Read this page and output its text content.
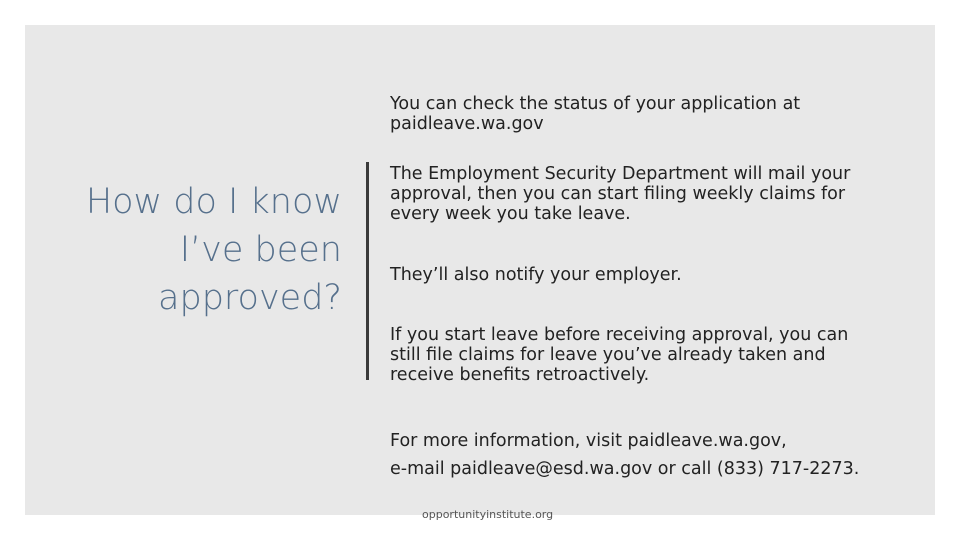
How do I know
I’ve been
approved?
You can check the status of your application at
paidleave.wa.gov
The Employment Security Department will mail your
approval, then you can start filing weekly claims for
every week you take leave.
They’ll also notify your employer.
If you start leave before receiving approval, you can
still file claims for leave you’ve already taken and
receive benefits retroactively.
For more information, visit paidleave.wa.gov,
e-mail paidleave@esd.wa.gov or call (833) 717-2273.
opportunityinstitute.org
